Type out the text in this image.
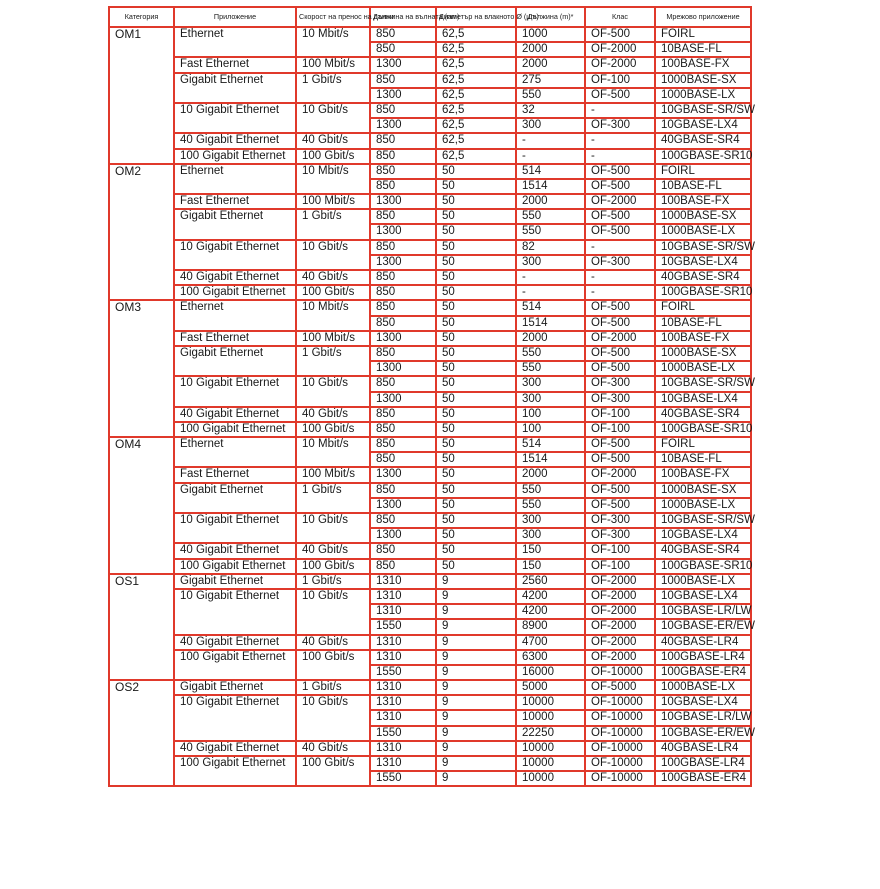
Категория	Приложение	Скорост на пренос на данни	Дължина на вълната (nm)	Диаметър на влакното Ø (μm)	Дължина (m)*	Клас	Мрежово приложение
OM1	Ethernet	10 Mbit/s	850	62,5	1000	OF-500	FOIRL
			850	62,5	2000	OF-2000	10BASE-FL
	Fast Ethernet	100 Mbit/s	1300	62,5	2000	OF-2000	100BASE-FX
	Gigabit Ethernet	1 Gbit/s	850	62,5	275	OF-100	1000BASE-SX
			1300	62,5	550	OF-500	1000BASE-LX
	10 Gigabit Ethernet	10 Gbit/s	850	62,5	32	-	10GBASE-SR/SW
			1300	62,5	300	OF-300	10GBASE-LX4
	40 Gigabit Ethernet	40 Gbit/s	850	62,5	-	-	40GBASE-SR4
	100 Gigabit Ethernet	100 Gbit/s	850	62,5	-	-	100GBASE-SR10
OM2	Ethernet	10 Mbit/s	850	50	514	OF-500	FOIRL
			850	50	1514	OF-500	10BASE-FL
	Fast Ethernet	100 Mbit/s	1300	50	2000	OF-2000	100BASE-FX
	Gigabit Ethernet	1 Gbit/s	850	50	550	OF-500	1000BASE-SX
			1300	50	550	OF-500	1000BASE-LX
	10 Gigabit Ethernet	10 Gbit/s	850	50	82	-	10GBASE-SR/SW
			1300	50	300	OF-300	10GBASE-LX4
	40 Gigabit Ethernet	40 Gbit/s	850	50	-	-	40GBASE-SR4
	100 Gigabit Ethernet	100 Gbit/s	850	50	-	-	100GBASE-SR10
OM3	Ethernet	10 Mbit/s	850	50	514	OF-500	FOIRL
			850	50	1514	OF-500	10BASE-FL
	Fast Ethernet	100 Mbit/s	1300	50	2000	OF-2000	100BASE-FX
	Gigabit Ethernet	1 Gbit/s	850	50	550	OF-500	1000BASE-SX
			1300	50	550	OF-500	1000BASE-LX
	10 Gigabit Ethernet	10 Gbit/s	850	50	300	OF-300	10GBASE-SR/SW
			1300	50	300	OF-300	10GBASE-LX4
	40 Gigabit Ethernet	40 Gbit/s	850	50	100	OF-100	40GBASE-SR4
	100 Gigabit Ethernet	100 Gbit/s	850	50	100	OF-100	100GBASE-SR10
OM4	Ethernet	10 Mbit/s	850	50	514	OF-500	FOIRL
			850	50	1514	OF-500	10BASE-FL
	Fast Ethernet	100 Mbit/s	1300	50	2000	OF-2000	100BASE-FX
	Gigabit Ethernet	1 Gbit/s	850	50	550	OF-500	1000BASE-SX
			1300	50	550	OF-500	1000BASE-LX
	10 Gigabit Ethernet	10 Gbit/s	850	50	300	OF-300	10GBASE-SR/SW
			1300	50	300	OF-300	10GBASE-LX4
	40 Gigabit Ethernet	40 Gbit/s	850	50	150	OF-100	40GBASE-SR4
	100 Gigabit Ethernet	100 Gbit/s	850	50	150	OF-100	100GBASE-SR10
OS1	Gigabit Ethernet	1 Gbit/s	1310	9	2560	OF-2000	1000BASE-LX
	10 Gigabit Ethernet	10 Gbit/s	1310	9	4200	OF-2000	10GBASE-LX4
			1310	9	4200	OF-2000	10GBASE-LR/LW
			1550	9	8900	OF-2000	10GBASE-ER/EW
	40 Gigabit Ethernet	40 Gbit/s	1310	9	4700	OF-2000	40GBASE-LR4
	100 Gigabit Ethernet	100 Gbit/s	1310	9	6300	OF-2000	100GBASE-LR4
			1550	9	16000	OF-10000	100GBASE-ER4
OS2	Gigabit Ethernet	1 Gbit/s	1310	9	5000	OF-5000	1000BASE-LX
	10 Gigabit Ethernet	10 Gbit/s	1310	9	10000	OF-10000	10GBASE-LX4
			1310	9	10000	OF-10000	10GBASE-LR/LW
			1550	9	22250	OF-10000	10GBASE-ER/EW
	40 Gigabit Ethernet	40 Gbit/s	1310	9	10000	OF-10000	40GBASE-LR4
	100 Gigabit Ethernet	100 Gbit/s	1310	9	10000	OF-10000	100GBASE-LR4
			1550	9	10000	OF-10000	100GBASE-ER4
